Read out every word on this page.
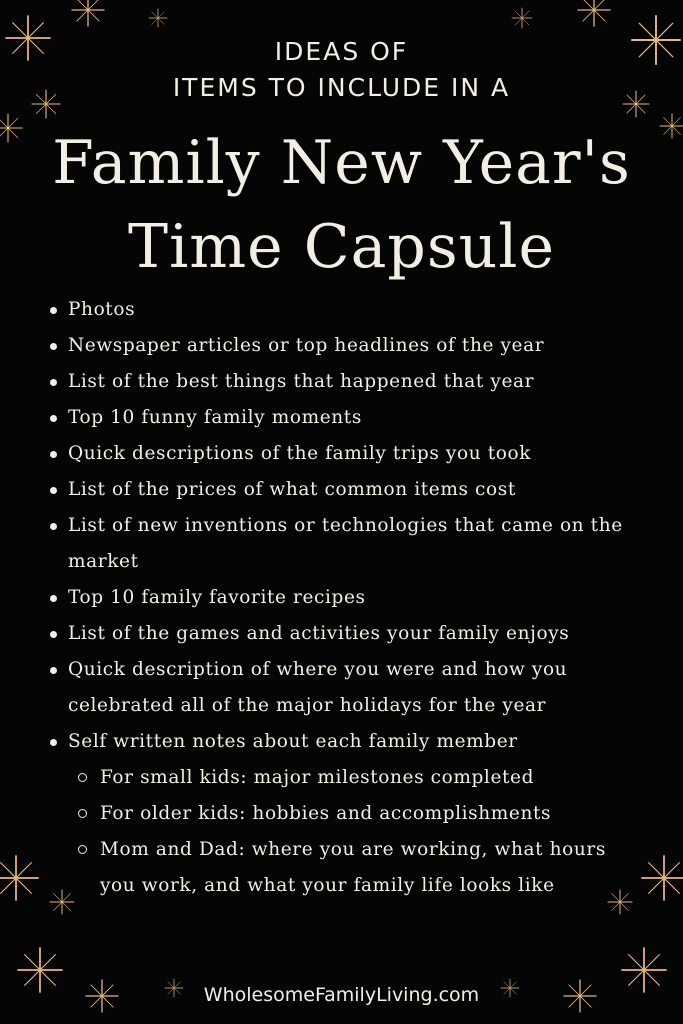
IDEAS OF
ITEMS TO INCLUDE IN A
Family New Year's
Time Capsule
Photos
Newspaper articles or top headlines of the year
List of the best things that happened that year
Top 10 funny family moments
Quick descriptions of the family trips you took
List of the prices of what common items cost
List of new inventions or technologies that came on the market
Top 10 family favorite recipes
List of the games and activities your family enjoys
Quick description of where you were and how you celebrated all of the major holidays for the year
Self written notes about each family member
For small kids: major milestones completed
For older kids: hobbies and accomplishments
Mom and Dad: where you are working, what hours you work, and what your family life looks like
WholesomeFamilyLiving.com
